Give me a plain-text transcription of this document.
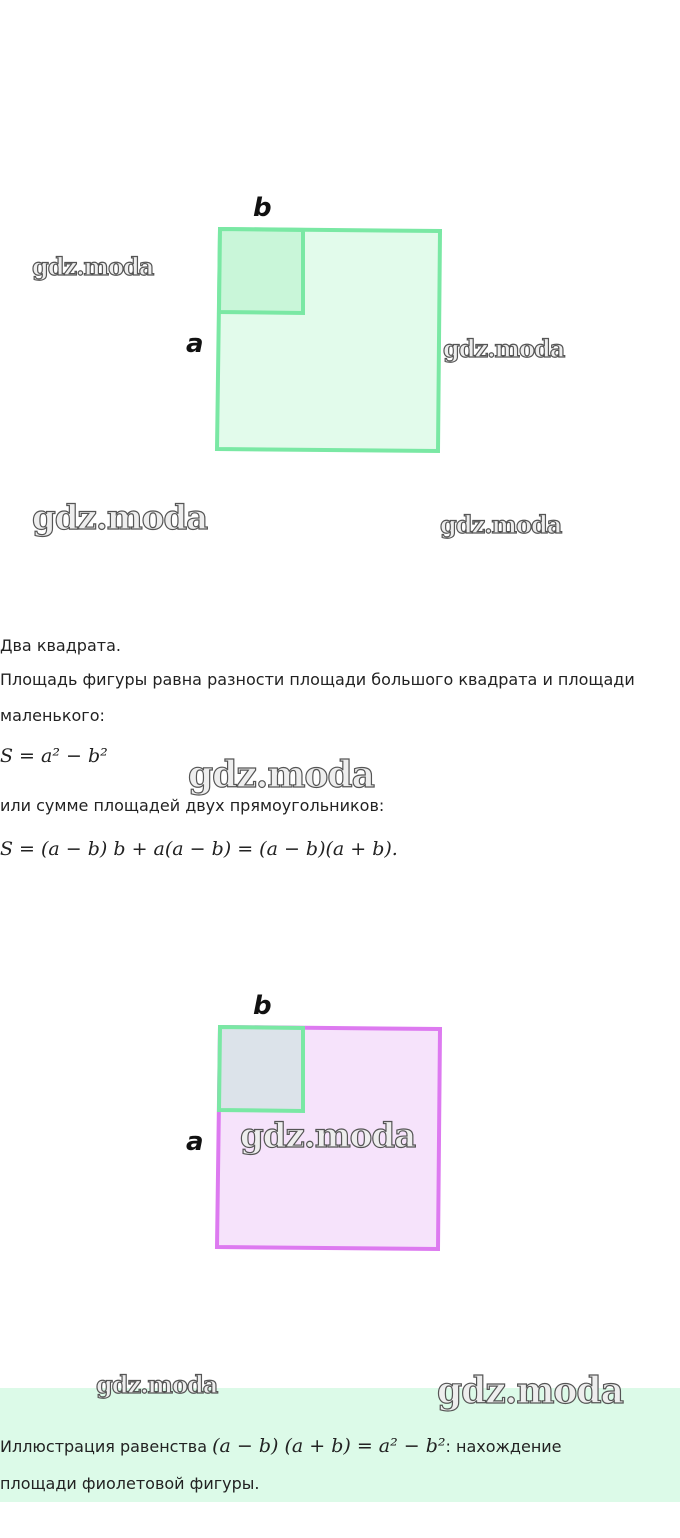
b
a
gdz.moda
gdz.moda
gdz.moda	gdz.moda
Два квадрата.
Площадь фигуры равна разности площади большого квадрата и площади
маленького:
S = a² − b² gdz.moda
или сумме площадей двух прямоугольников:
S = (a − b) b + a(a − b) = (a − b)(a + b).
b
a gdz.moda
gdz.moda	gdz.moda
Иллюстрация равенства (a − b) (a + b) = a² − b²: нахождение
площади фиолетовой фигуры.
